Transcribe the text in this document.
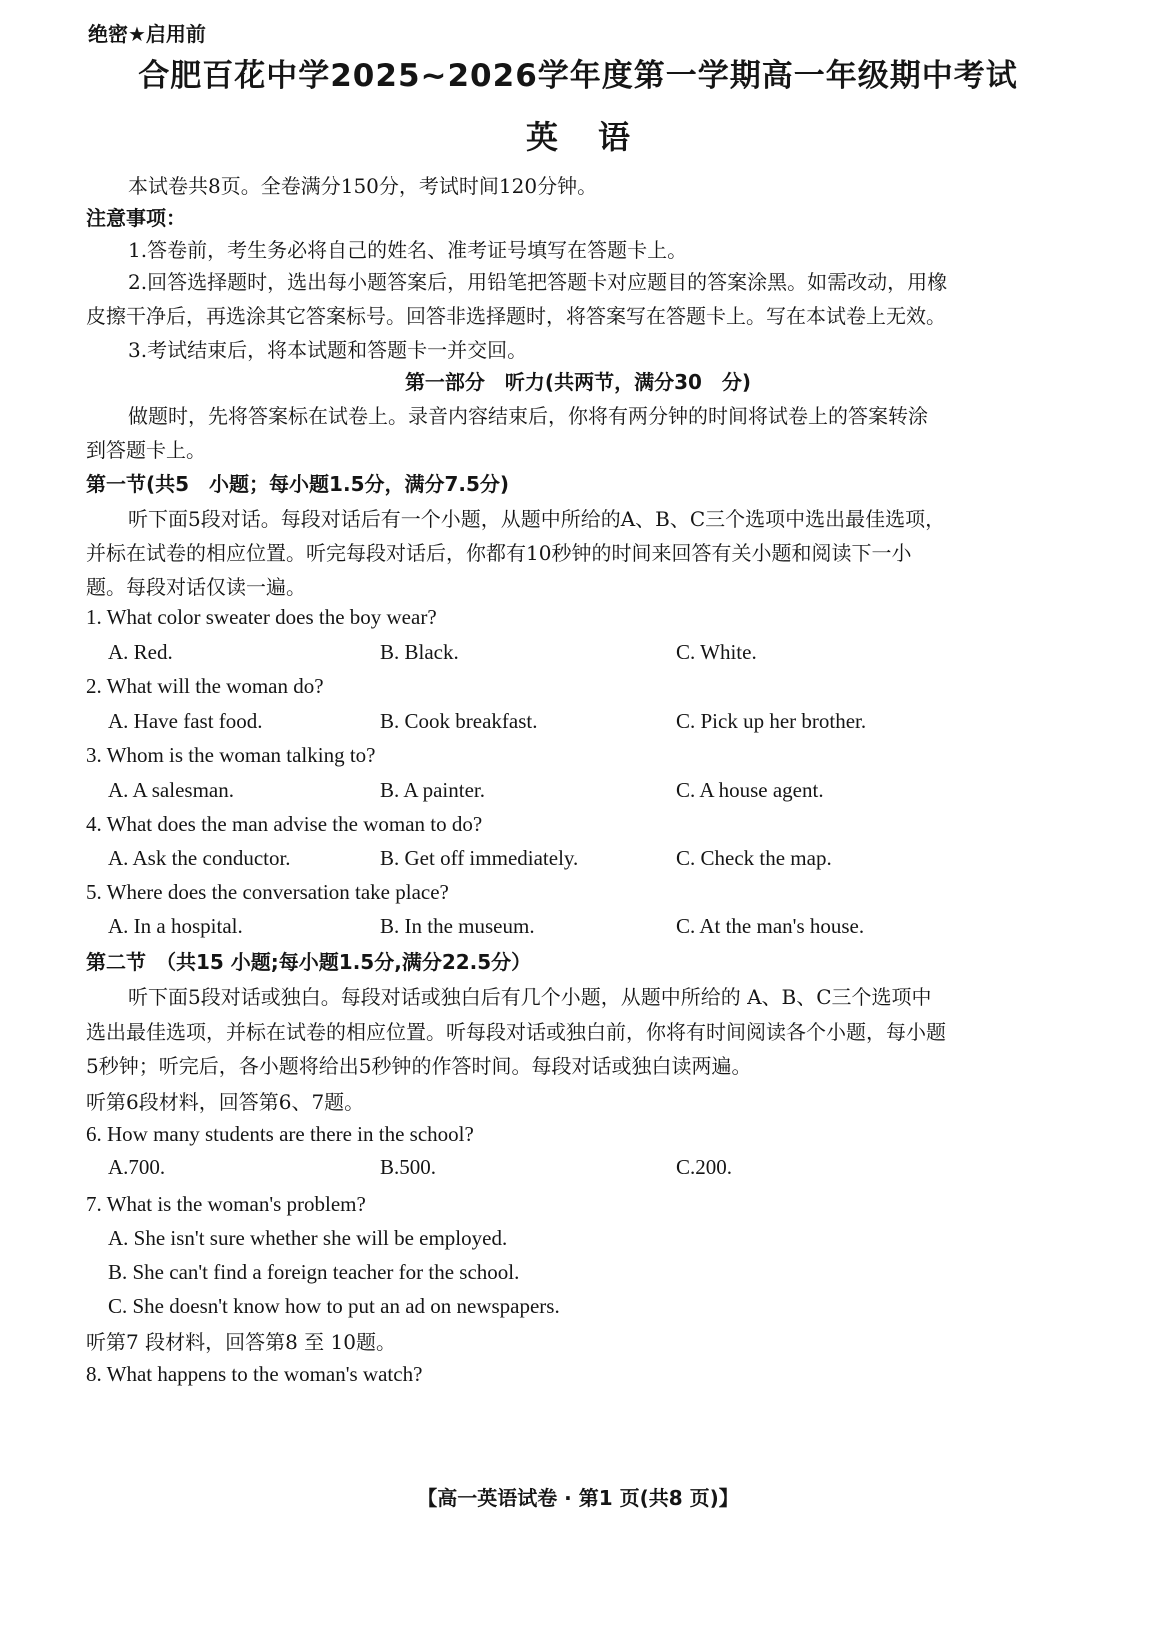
绝密★启用前
合肥百花中学2025~2026学年度第一学期高一年级期中考试
英语
本试卷共8页。全卷满分150分，考试时间120分钟。
注意事项：
1.答卷前，考生务必将自己的姓名、准考证号填写在答题卡上。
2.回答选择题时，选出每小题答案后，用铅笔把答题卡对应题目的答案涂黑。如需改动，用橡
皮擦干净后，再选涂其它答案标号。回答非选择题时，将答案写在答题卡上。写在本试卷上无效。
3.考试结束后，将本试题和答题卡一并交回。
第一部分　听力(共两节，满分30　分)
做题时，先将答案标在试卷上。录音内容结束后，你将有两分钟的时间将试卷上的答案转涂
到答题卡上。
第一节(共5　小题；每小题1.5分，满分7.5分)
听下面5段对话。每段对话后有一个小题，从题中所给的A、B、C三个选项中选出最佳选项，
并标在试卷的相应位置。听完每段对话后，你都有10秒钟的时间来回答有关小题和阅读下一小
题。每段对话仅读一遍。
1. What color sweater does the boy wear?
A. Red.	B. Black.	C. White.
2. What will the woman do?
A. Have fast food.	B. Cook breakfast.	C. Pick up her brother.
3. Whom is the woman talking to?
A. A salesman.	B. A painter.	C. A house agent.
4. What does the man advise the woman to do?
A. Ask the conductor.	B. Get off immediately.	C. Check the map.
5. Where does the conversation take place?
A. In a hospital.	B. In the museum.	C. At the man's house.
第二节　（共15 小题;每小题1.5分,满分22.5分）
听下面5段对话或独白。每段对话或独白后有几个小题，从题中所给的 A、B、C三个选项中
选出最佳选项，并标在试卷的相应位置。听每段对话或独白前，你将有时间阅读各个小题，每小题
5秒钟；听完后，各小题将给出5秒钟的作答时间。每段对话或独白读两遍。
听第6段材料，回答第6、7题。
6. How many students are there in the school?
A.700.	B.500.	C.200.
7. What is the woman's problem?
A. She isn't sure whether she will be employed.
B. She can't find a foreign teacher for the school.
C. She doesn't know how to put an ad on newspapers.
听第7 段材料，回答第8 至 10题。
8. What happens to the woman's watch?
【高一英语试卷 · 第1 页(共8 页)】
